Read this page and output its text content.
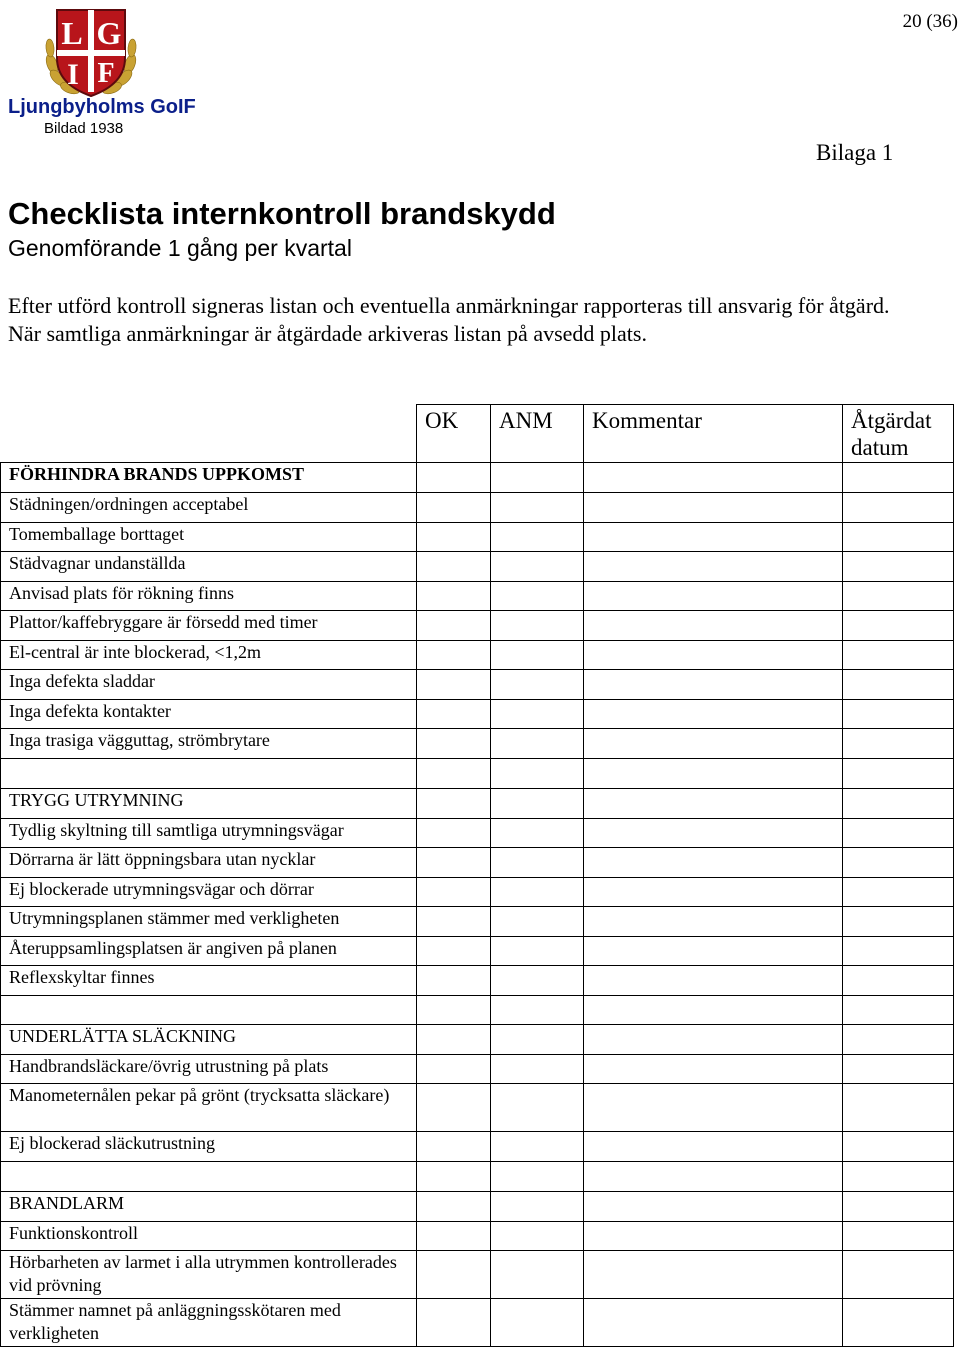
20 (36)
L G
I F
Ljungbyholms GoIF
Bildad 1938
Bilaga 1
Checklista internkontroll brandskydd
Genomförande 1 gång per kvartal

Efter utförd kontroll signeras listan och eventuella anmärkningar rapporteras till ansvarig för åtgärd.

När samtliga anmärkningar är åtgärdade arkiveras listan på avsedd plats.

	OK	ANM	Kommentar	Åtgärdat datum
FÖRHINDRA BRANDS UPPKOMST				
Städningen/ordningen acceptabel				
Tomemballage borttaget				
Städvagnar undanställda				
Anvisad plats för rökning finns				
Plattor/kaffebryggare är försedd med timer				
El-central är inte blockerad, <1,2m				
Inga defekta sladdar				
Inga defekta kontakter				
Inga trasiga vägguttag, strömbrytare				

TRYGG UTRYMNING				
Tydlig skyltning till samtliga utrymningsvägar				
Dörrarna är lätt öppningsbara utan nycklar				
Ej blockerade utrymningsvägar och dörrar				
Utrymningsplanen stämmer med verkligheten				
Återuppsamlingsplatsen är angiven på planen				
Reflexskyltar finnes				

UNDERLÄTTA SLÄCKNING				
Handbrandsläckare/övrig utrustning på plats				
Manometernålen pekar på grönt (trycksatta släckare)				
Ej blockerad släckutrustning				

BRANDLARM				
Funktionskontroll				
Hörbarheten av larmet i alla utrymmen kontrollerades vid prövning				
Stämmer namnet på anläggningsskötaren med verkligheten				
